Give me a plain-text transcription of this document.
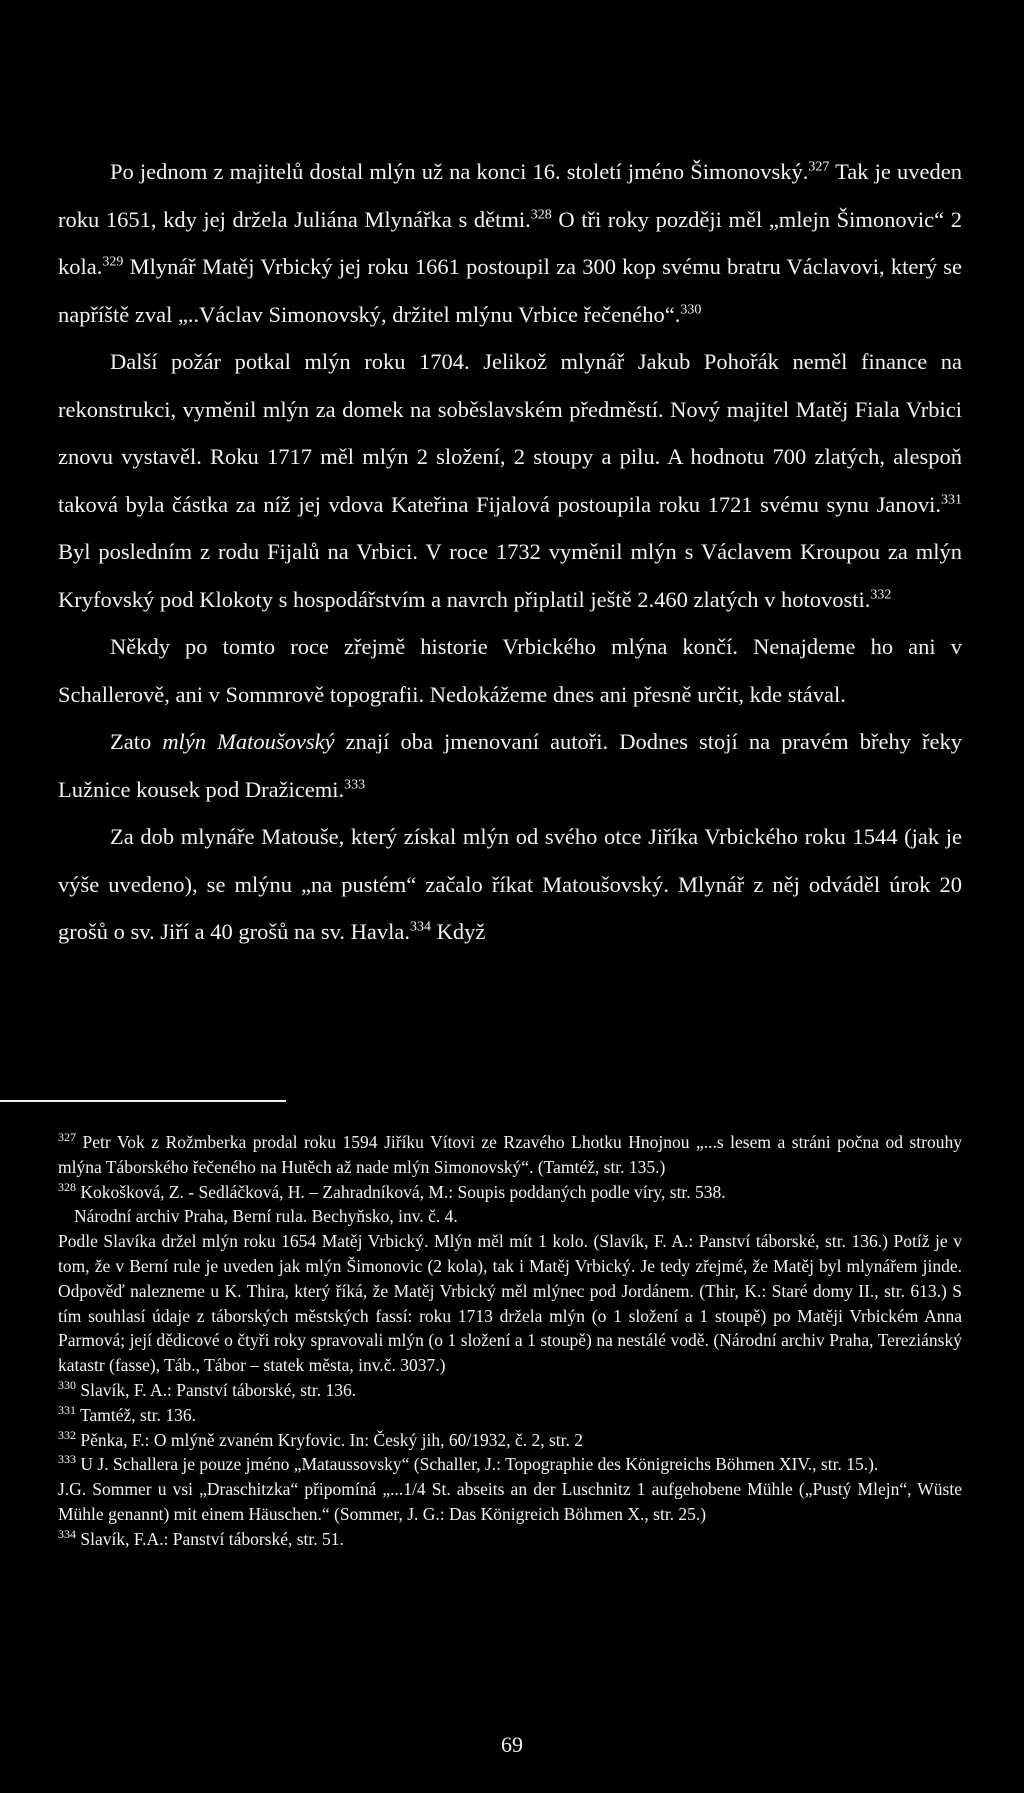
Po jednom z majitelů dostal mlýn už na konci 16. století jméno Šimonovský.$^{327}$ Tak je uveden roku 1651, kdy jej držela Juliána Mlynářka s dětmi.$^{328}$ O tři roky později měl „mlejn Šimonovic“ 2 kola.$^{329}$ Mlynář Matěj Vrbický jej roku 1661 postoupil za 300 kop svému bratru Václavovi, který se napříště zval „..Václav Simonovský, držitel mlýnu Vrbice řečeného“.$^{330}$

Další požár potkal mlýn roku 1704. Jelikož mlynář Jakub Pohořák neměl finance na rekonstrukci, vyměnil mlýn za domek na soběslavském předměstí. Nový majitel Matěj Fiala Vrbici znovu vystavěl. Roku 1717 měl mlýn 2 složení, 2 stoupy a pilu. A hodnotu 700 zlatých, alespoň taková byla částka za níž jej vdova Kateřina Fijalová postoupila roku 1721 svému synu Janovi.$^{331}$ Byl posledním z rodu Fijalů na Vrbici. V roce 1732 vyměnil mlýn s Václavem Kroupou za mlýn Kryfovský pod Klokoty s hospodářstvím a navrch připlatil ještě 2.460 zlatých v hotovosti.$^{332}$

Někdy po tomto roce zřejmě historie Vrbického mlýna končí. Nenajdeme ho ani v Schallerově, ani v Sommrově topografii. Nedokážeme dnes ani přesně určit, kde stával.

Zato mlýn Matoušovský znají oba jmenovaní autoři. Dodnes stojí na pravém břehy řeky Lužnice kousek pod Dražicemi.$^{333}$

Za dob mlynáře Matouše, který získal mlýn od svého otce Jiříka Vrbického roku 1544 (jak je výše uvedeno), se mlýnu „na pustém“ začalo říkat Matoušovský. Mlynář z něj odváděl úrok 20 grošů o sv. Jiří a 40 grošů na sv. Havla.$^{334}$ Když

$^{327}$ Petr Vok z Rožmberka prodal roku 1594 Jiříku Vítovi ze Rzavého Lhotku Hnojnou „...s lesem a stráni počna od strouhy mlýna Táborského řečeného na Hutěch až nade mlýn Simonovský“. (Tamtéž, str. 135.)

$^{328}$ Kokošková, Z. - Sedláčková, H. – Zahradníková, M.: Soupis poddaných podle víry, str. 538.

Národní archiv Praha, Berní rula. Bechyňsko, inv. č. 4.

Podle Slavíka držel mlýn roku 1654 Matěj Vrbický. Mlýn měl mít 1 kolo. (Slavík, F. A.: Panství táborské, str. 136.) Potíž je v tom, že v Berní rule je uveden jak mlýn Šimonovic (2 kola), tak i Matěj Vrbický. Je tedy zřejmé, že Matěj byl mlynářem jinde. Odpověď nalezneme u K. Thira, který říká, že Matěj Vrbický měl mlýnec pod Jordánem. (Thir, K.: Staré domy II., str. 613.) S tím souhlasí údaje z táborských městských fassí: roku 1713 držela mlýn (o 1 složení a 1 stoupě) po Matěji Vrbickém Anna Parmová; její dědicové o čtyři roky spravovali mlýn (o 1 složení a 1 stoupě) na nestálé vodě. (Národní archiv Praha, Tereziánský katastr (fasse), Táb., Tábor – statek města, inv.č. 3037.)

$^{330}$ Slavík, F. A.: Panství táborské, str. 136.

$^{331}$ Tamtéž, str. 136.

$^{332}$ Pěnka, F.: O mlýně zvaném Kryfovic. In: Český jih, 60/1932, č. 2, str. 2

$^{333}$ U J. Schallera je pouze jméno „Mataussovsky“ (Schaller, J.: Topographie des Königreichs Böhmen XIV., str. 15.).

J.G. Sommer u vsi „Draschitzka“ připomíná „...1/4 St. abseits an der Luschnitz 1 aufgehobene Mühle („Pustý Mlejn“, Wüste Mühle genannt) mit einem Häuschen.“ (Sommer, J. G.: Das Königreich Böhmen X., str. 25.)

$^{334}$ Slavík, F.A.: Panství táborské, str. 51.

69
